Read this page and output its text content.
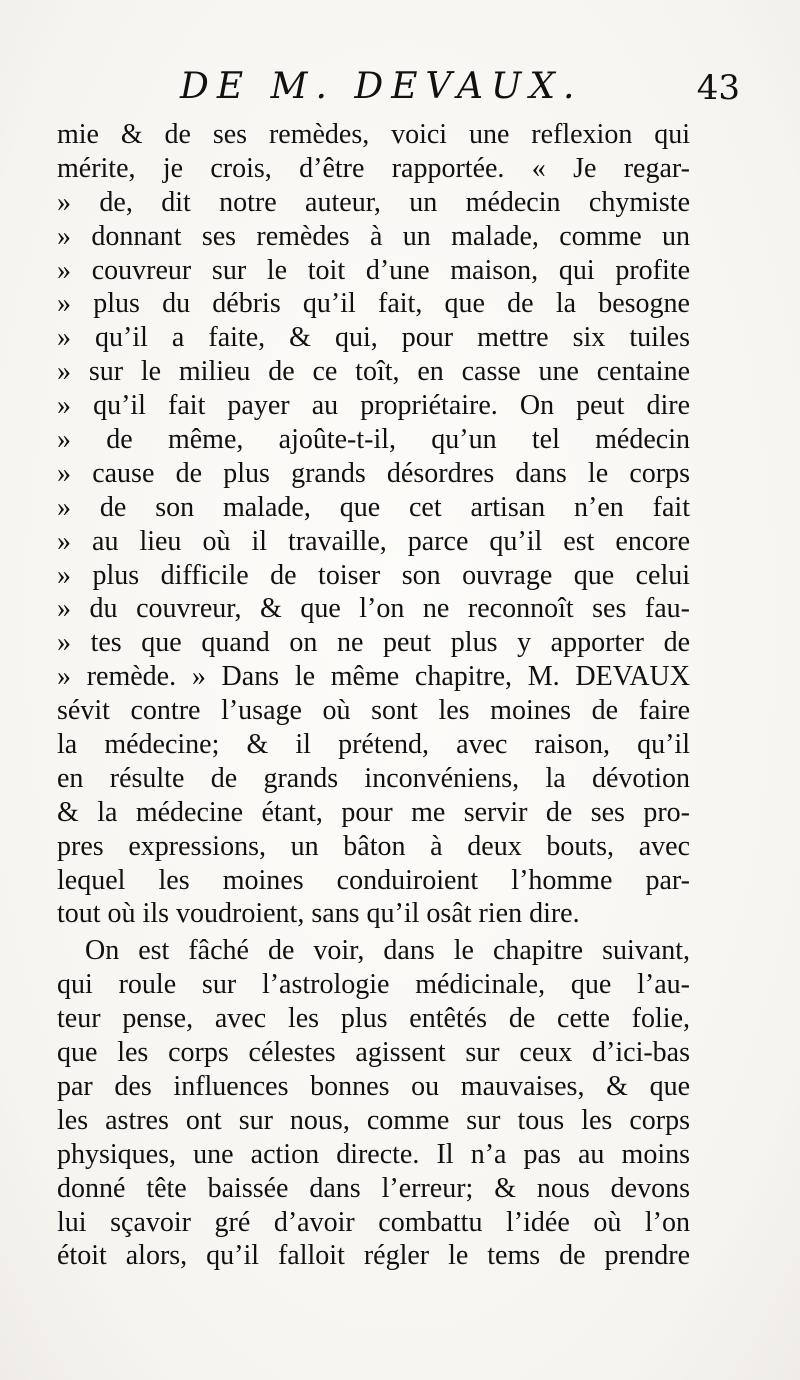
DE M. DEVAUX.	43
mie & de ses remèdes, voici une reflexion qui
mérite, je crois, d’être rapportée. « Je regar-
» de, dit notre auteur, un médecin chymiste
» donnant ses remèdes à un malade, comme un
» couvreur sur le toit d’une maison, qui profite
» plus du débris qu’il fait, que de la besogne
» qu’il a faite, & qui, pour mettre six tuiles
» sur le milieu de ce toît, en casse une centaine
» qu’il fait payer au propriétaire. On peut dire
» de même, ajoûte-t-il, qu’un tel médecin
» cause de plus grands désordres dans le corps
» de son malade, que cet artisan n’en fait
» au lieu où il travaille, parce qu’il est encore
» plus difficile de toiser son ouvrage que celui
» du couvreur, & que l’on ne reconnoît ses fau-
» tes que quand on ne peut plus y apporter de
» remède. » Dans le même chapitre, M. DEVAUX
sévit contre l’usage où sont les moines de faire
la médecine; & il prétend, avec raison, qu’il
en résulte de grands inconvéniens, la dévotion
& la médecine étant, pour me servir de ses pro-
pres expressions, un bâton à deux bouts, avec
lequel les moines conduiroient l’homme par-
tout où ils voudroient, sans qu’il osât rien dire.
On est fâché de voir, dans le chapitre suivant,
qui roule sur l’astrologie médicinale, que l’au-
teur pense, avec les plus entêtés de cette folie,
que les corps célestes agissent sur ceux d’ici-bas
par des influences bonnes ou mauvaises, & que
les astres ont sur nous, comme sur tous les corps
physiques, une action directe. Il n’a pas au moins
donné tête baissée dans l’erreur; & nous devons
lui sçavoir gré d’avoir combattu l’idée où l’on
étoit alors, qu’il falloit régler le tems de prendre
